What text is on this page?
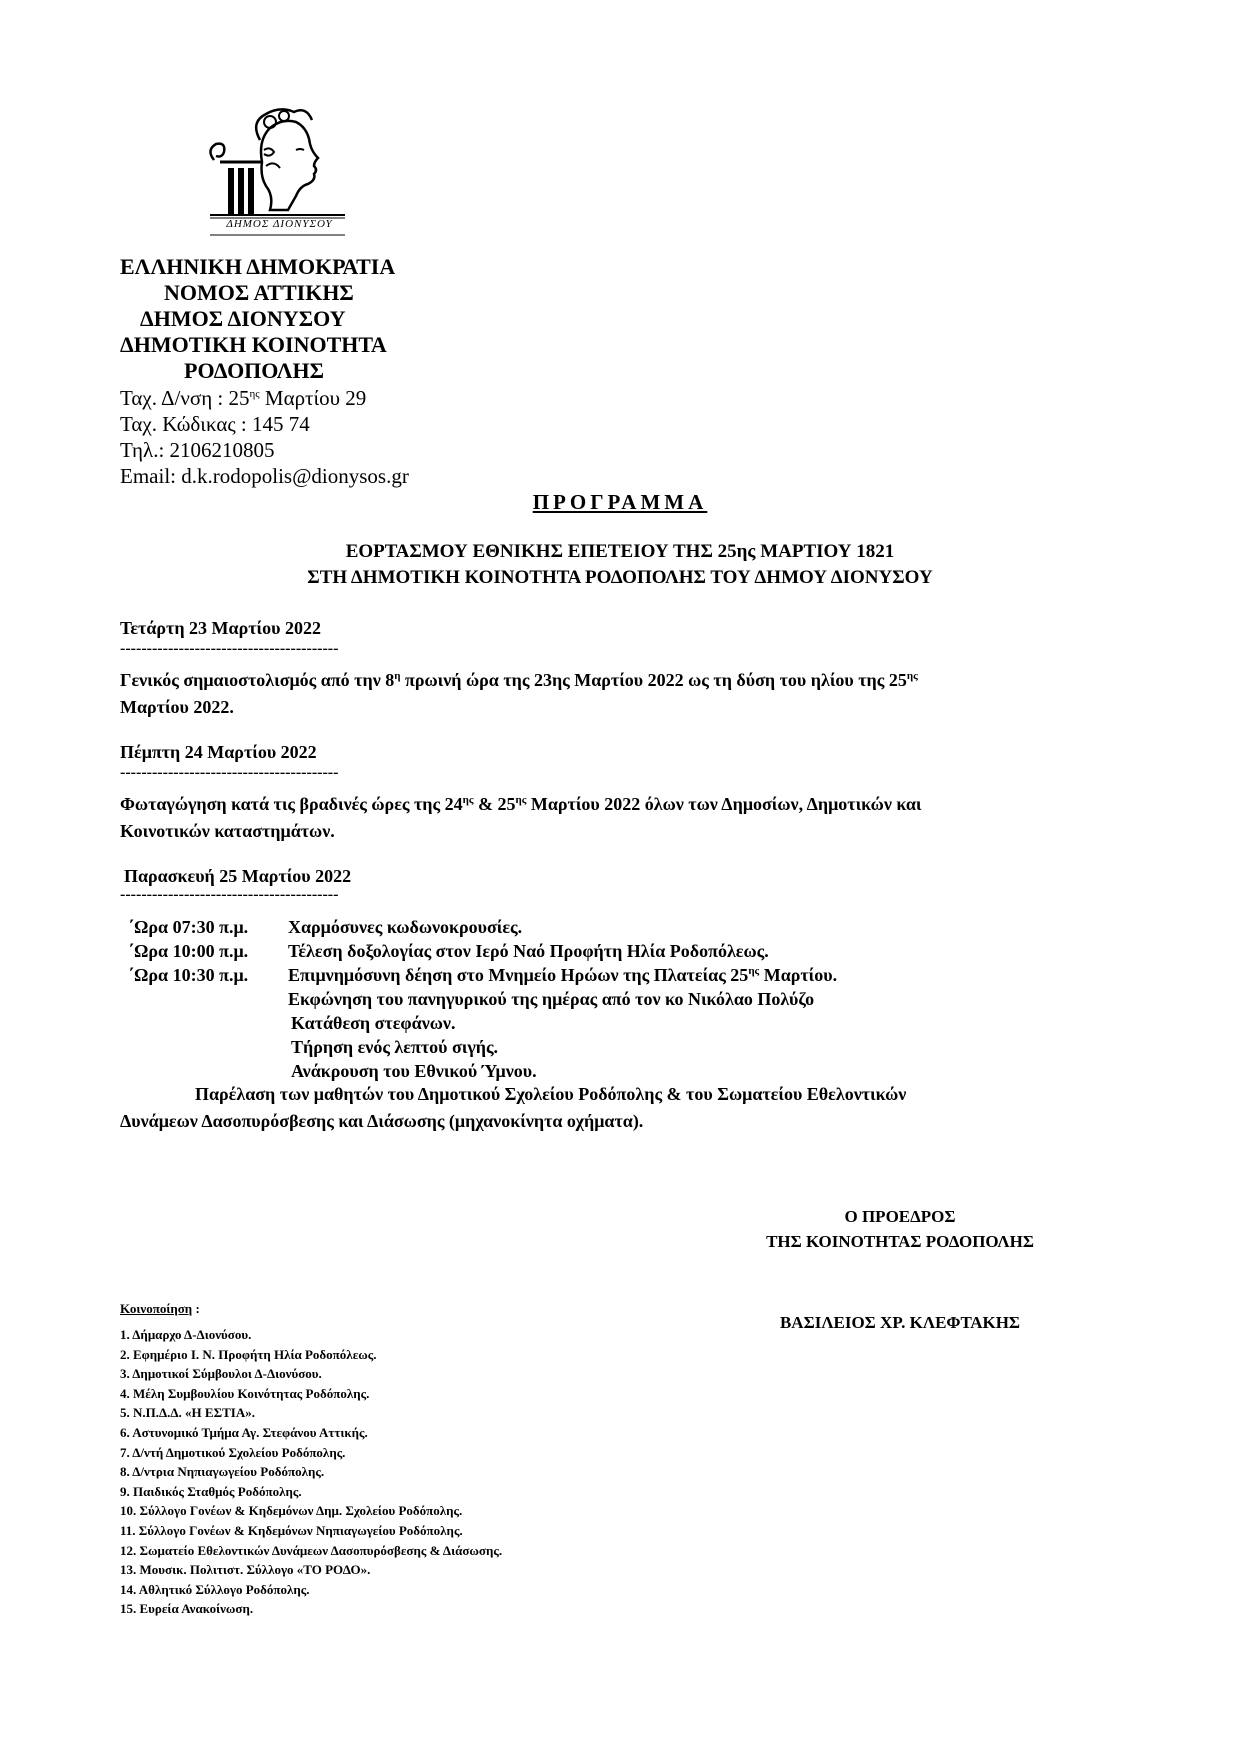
ΔΗΜΟΣ ΔΙΟΝΥΣΟΥ
ΕΛΛΗΝΙΚΗ ΔΗΜΟΚΡΑΤΙΑ
ΝΟΜΟΣ ΑΤΤΙΚΗΣ
ΔΗΜΟΣ ΔΙΟΝΥΣΟΥ
ΔΗΜΟΤΙΚΗ ΚΟΙΝΟΤΗΤΑ
ΡΟΔΟΠΟΛΗΣ
Ταχ. Δ/νση : $25^{\eta\varsigma}$ Μαρτίου 29
Ταχ. Κώδικας : 145 74
Τηλ.: 2106210805
Email: d.k.rodopolis@dionysos.gr
ΠΡΟΓΡΑΜΜΑ
ΕΟΡΤΑΣΜΟΥ ΕΘΝΙΚΗΣ ΕΠΕΤΕΙΟΥ ΤΗΣ 25ης ΜΑΡΤΙΟΥ 1821
ΣΤΗ ΔΗΜΟΤΙΚΗ ΚΟΙΝΟΤΗΤΑ ΡΟΔΟΠΟΛΗΣ ΤΟΥ ΔΗΜΟΥ ΔΙΟΝΥΣΟΥ
Τετάρτη 23 Μαρτίου 2022
-----------------------------------------
Γενικός σημαιοστολισμός από την $8^\eta$ πρωινή ώρα της 23ης Μαρτίου 2022 ως τη δύση του ηλίου της $25^{\eta\varsigma}$
Μαρτίου 2022.
Πέμπτη 24 Μαρτίου 2022
-----------------------------------------
Φωταγώγηση κατά τις βραδινές ώρες της $24^{\eta\varsigma}$ & $25^{\eta\varsigma}$ Μαρτίου 2022 όλων των Δημοσίων, Δημοτικών και
Κοινοτικών καταστημάτων.
Παρασκευή 25 Μαρτίου 2022
-----------------------------------------
΄Ωρα 07:30 π.μ.	Χαρμόσυνες κωδωνοκρουσίες.
΄Ωρα 10:00 π.μ.	Τέλεση δοξολογίας στον Ιερό Ναό Προφήτη Ηλία Ροδοπόλεως.
΄Ωρα 10:30 π.μ.	Επιμνημόσυνη δέηση στο Μνημείο Ηρώων της Πλατείας $25^{\eta\varsigma}$ Μαρτίου.
Εκφώνηση του πανηγυρικού της ημέρας από τον κο Νικόλαο Πολύζο
Κατάθεση στεφάνων.
Τήρηση ενός λεπτού σιγής.
Ανάκρουση του Εθνικού Ύμνου.
Παρέλαση των μαθητών του Δημοτικού Σχολείου Ροδόπολης & του Σωματείου Εθελοντικών
Δυνάμεων Δασοπυρόσβεσης και Διάσωσης (μηχανοκίνητα οχήματα).
Ο ΠΡΟΕΔΡΟΣ
ΤΗΣ ΚΟΙΝΟΤΗΤΑΣ ΡΟΔΟΠΟΛΗΣ
ΒΑΣΙΛΕΙΟΣ ΧΡ. ΚΛΕΦΤΑΚΗΣ
Κοινοποίηση :
1. Δήμαρχο Δ-Διονύσου.
2. Εφημέριο Ι. Ν. Προφήτη Ηλία Ροδοπόλεως.
3. Δημοτικοί Σύμβουλοι Δ-Διονύσου.
4. Μέλη Συμβουλίου Κοινότητας Ροδόπολης.
5. Ν.Π.Δ.Δ. «Η ΕΣΤΙΑ».
6. Αστυνομικό Τμήμα Αγ. Στεφάνου Αττικής.
7. Δ/ντή Δημοτικού Σχολείου Ροδόπολης.
8. Δ/ντρια Νηπιαγωγείου Ροδόπολης.
9. Παιδικός Σταθμός Ροδόπολης.
10. Σύλλογο Γονέων & Κηδεμόνων Δημ. Σχολείου Ροδόπολης.
11. Σύλλογο Γονέων & Κηδεμόνων Νηπιαγωγείου Ροδόπολης.
12. Σωματείο Εθελοντικών Δυνάμεων Δασοπυρόσβεσης & Διάσωσης.
13. Μουσικ. Πολιτιστ. Σύλλογο «ΤΟ ΡΟΔΟ».
14. Αθλητικό Σύλλογο Ροδόπολης.
15. Ευρεία Ανακοίνωση.
